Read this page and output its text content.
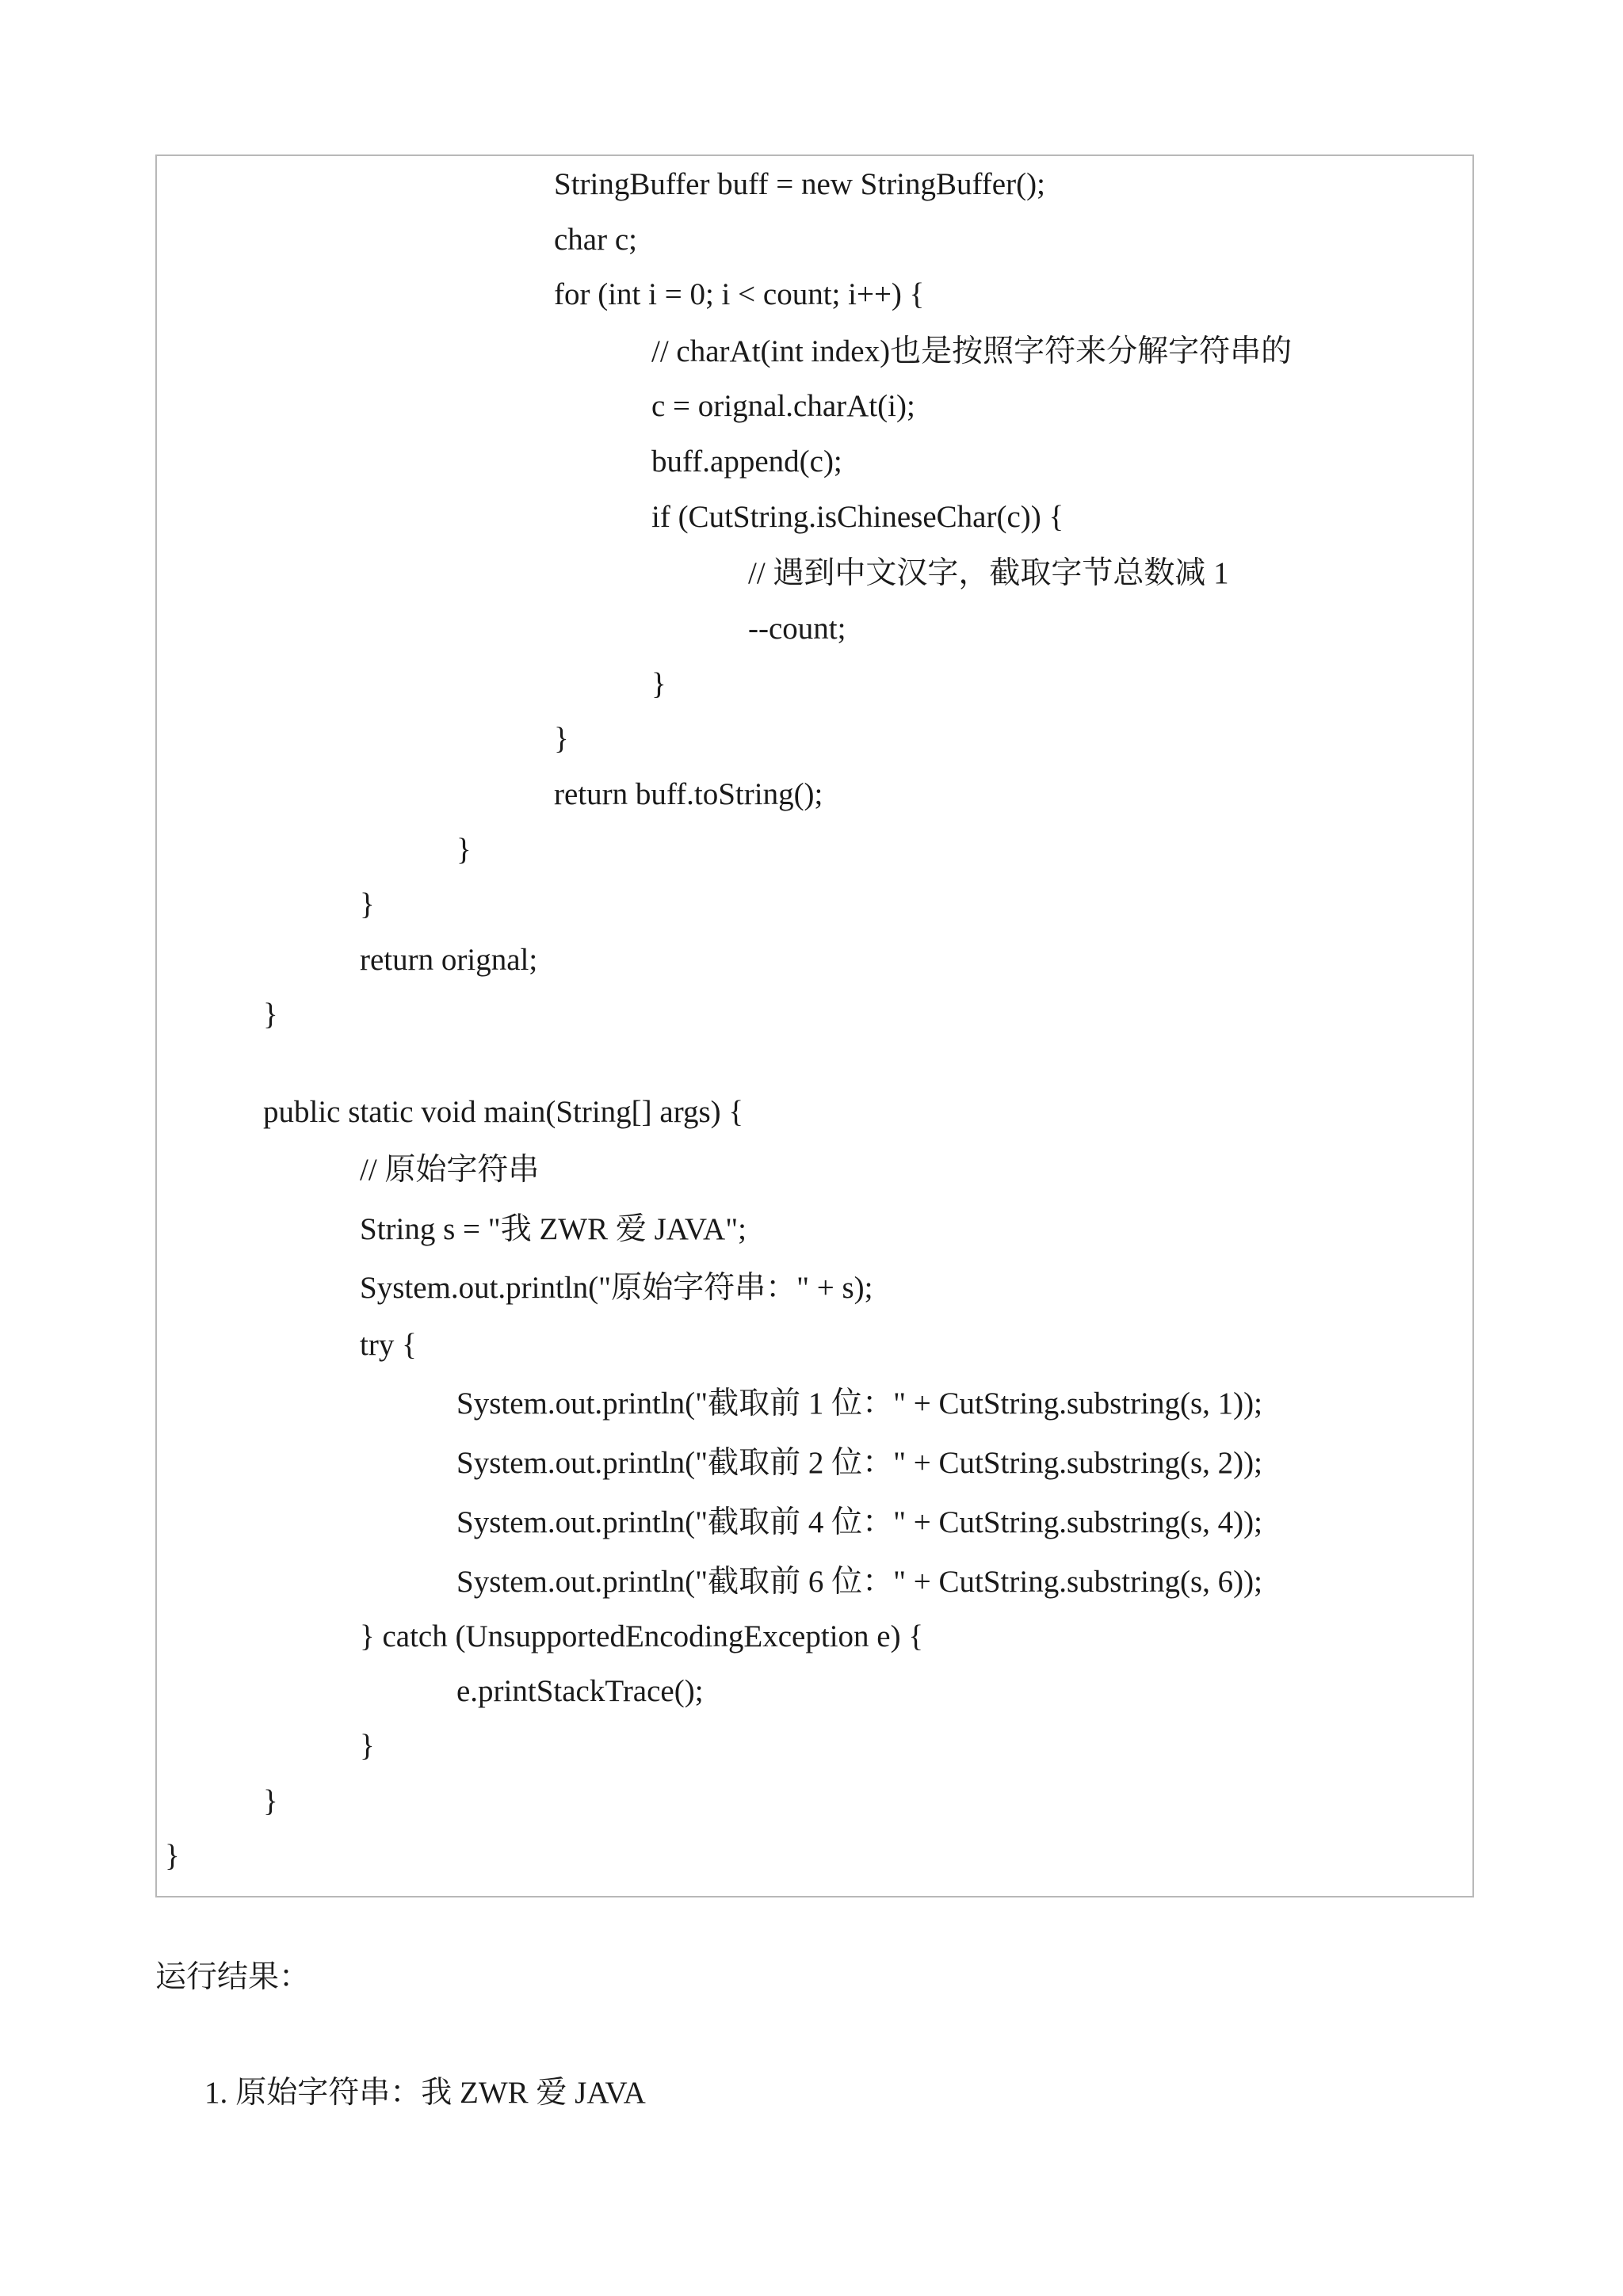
StringBuffer buff = new StringBuffer();
char c;
for (int i = 0; i < count; i++) {
// charAt(int index)也是按照字符来分解字符串的
c = orignal.charAt(i);
buff.append(c);
if (CutString.isChineseChar(c)) {
// 遇到中文汉字，截取字节总数减 1
--count;
}
}
return buff.toString();
}
}
return orignal;
}
public static void main(String[] args) {
// 原始字符串
String s = "我 ZWR 爱 JAVA";
System.out.println("原始字符串：" + s);
try {
System.out.println("截取前 1 位：" + CutString.substring(s, 1));
System.out.println("截取前 2 位：" + CutString.substring(s, 2));
System.out.println("截取前 4 位：" + CutString.substring(s, 4));
System.out.println("截取前 6 位：" + CutString.substring(s, 6));
} catch (UnsupportedEncodingException e) {
e.printStackTrace();
}
}
}
运行结果：
1. 原始字符串：我 ZWR 爱 JAVA
